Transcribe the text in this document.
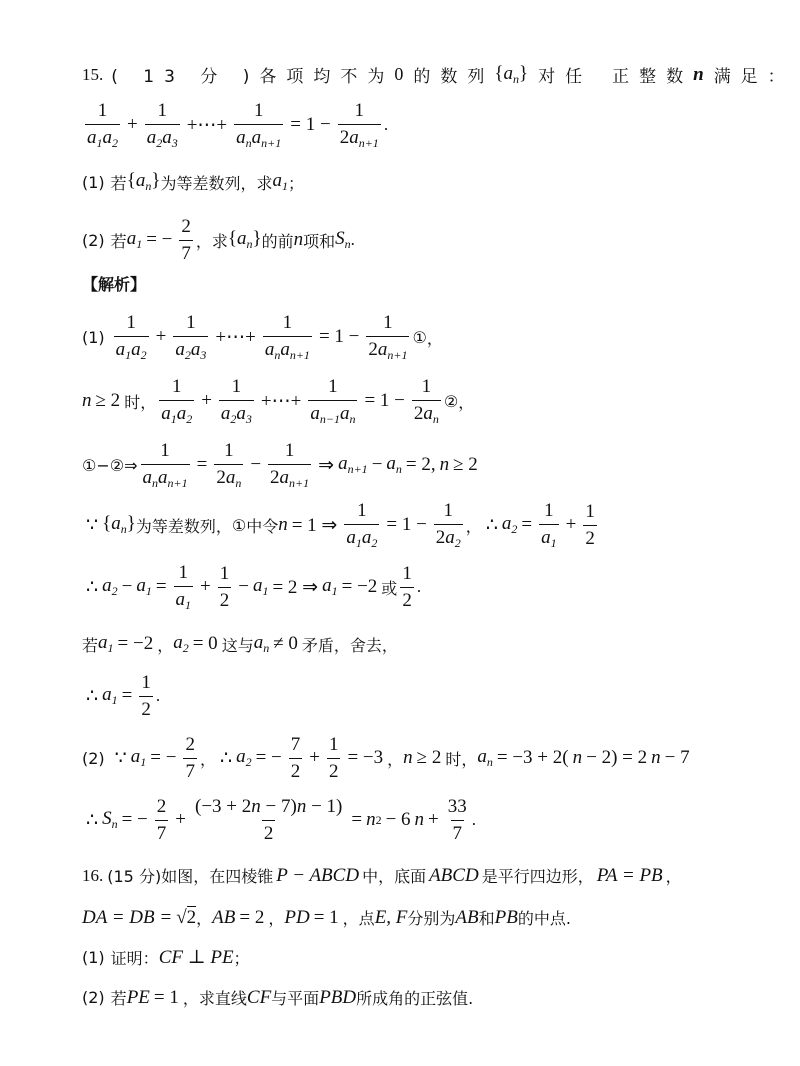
15. ( 13 分 ) 各项均不为 0 的数列 $\{a_n\}$ 对任 正整数 n 满足：
$\frac{1}{a_1a_2} + \frac{1}{a_2a_3}$ +⋯+ $\frac{1}{a_na_{n+1}} = 1 - \frac{1}{2a_{n+1}}$ .
(1) 若 $\{a_n\}$ 为等差数列，求 $a_1$ ；
(2) 若 $a_1$ = − $\frac{2}{7}$ ，求 $\{a_n\}$ 的前 n 项和 $S_n$ .
【解析】
$(1) \frac{1}{a_1a_2} + \frac{1}{a_2a_3}$ +⋯+ $\frac{1}{a_na_{n+1}} = 1 - \frac{1}{2a_{n+1}}$ ① ，
n ≥ 2 时， $\frac{1}{a_1a_2} + \frac{1}{a_2a_3}$ +⋯+ $\frac{1}{a_{n-1}a_n} = 1 - \frac{1}{2a_n}$ ② ，
①−②⇒ $\frac{1}{a_na_{n+1}} = \frac{1}{2a_n} - \frac{1}{2a_{n+1}}$ ⇒ $a_{n+1} - a_n = 2$, n ≥ 2
∵ $\{a_n\}$ 为等差数列， ① 中令 n = 1 ⇒ $\frac{1}{a_1a_2} = 1 - \frac{1}{2a_2}$ ， ∴ $a_2 = \frac{1}{a_1} + \frac{1}{2}$
∴ $a_2 - a_1 = \frac{1}{a_1} + \frac{1}{2} - a_1 = 2$ ⇒ $a_1 = -2$ 或 $\frac{1}{2}$ .
若 $a_1 = -2$ ， $a_2 = 0$ 这与 $a_n \ne 0$ 矛盾，舍去，
∴ $a_1 = \frac{1}{2}$ .
(2) ∵ $a_1$ = − $\frac{2}{7}$ ， ∴ $a_2$ = − $\frac{7}{2} + \frac{1}{2} = -3$ ， n ≥ 2 时， $a_n = -3 + 2$( n − 2) = 2 n − 7
∴ $S_n$ = − $\frac{2}{7} + \frac{(-3 + 2n - 7)n - 1)}{2} = n$ 2 − 6 $n + \frac{33}{7}$ .
16. (15 分) 如图，在四棱锥 P − ABCD 中，底面 ABCD 是平行四边形， PA = PB ，
DA = DB = √2 ， AB = 2 ， PD = 1 ，点 E, F 分别为 AB 和 PB 的中点.
(1) 证明： CF ⊥ PE ；
(2) 若 PE = 1 ，求直线 CF 与平面 PBD 所成角的正弦值.
